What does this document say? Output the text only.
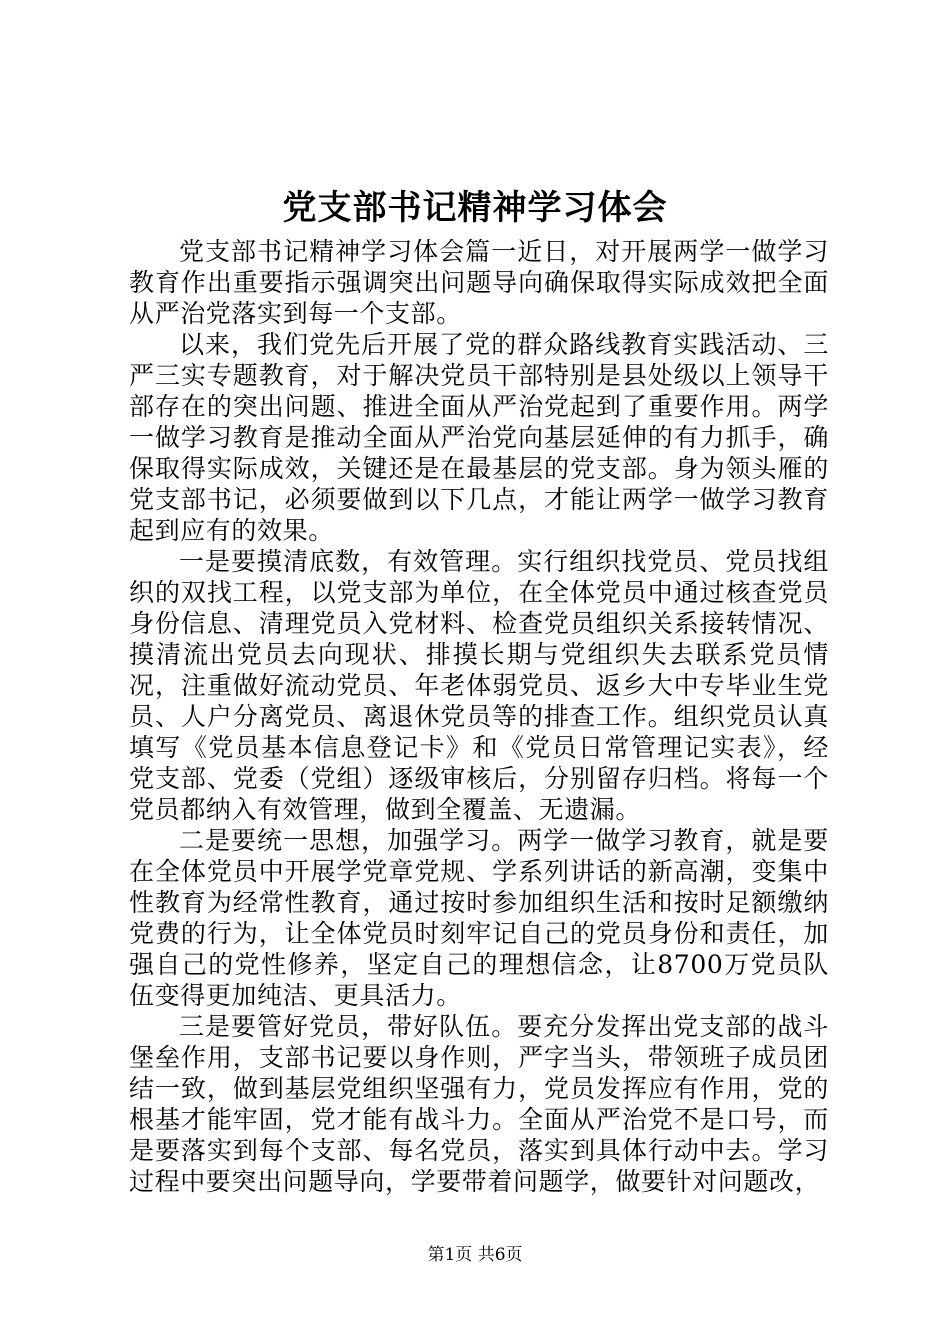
党支部书记精神学习体会

党支部书记精神学习体会篇一近日，对开展两学一做学习教育作出重要指示强调突出问题导向确保取得实际成效把全面从严治党落实到每一个支部。

以来，我们党先后开展了党的群众路线教育实践活动、三严三实专题教育，对于解决党员干部特别是县处级以上领导干部存在的突出问题、推进全面从严治党起到了重要作用。两学一做学习教育是推动全面从严治党向基层延伸的有力抓手，确保取得实际成效，关键还是在最基层的党支部。身为领头雁的党支部书记，必须要做到以下几点，才能让两学一做学习教育起到应有的效果。

一是要摸清底数，有效管理。实行组织找党员、党员找组织的双找工程，以党支部为单位，在全体党员中通过核查党员身份信息、清理党员入党材料、检查党员组织关系接转情况、摸清流出党员去向现状、排摸长期与党组织失去联系党员情况，注重做好流动党员、年老体弱党员、返乡大中专毕业生党员、人户分离党员、离退休党员等的排查工作。组织党员认真填写《党员基本信息登记卡》和《党员日常管理记实表》，经党支部、党委（党组）逐级审核后，分别留存归档。将每一个党员都纳入有效管理，做到全覆盖、无遗漏。

二是要统一思想，加强学习。两学一做学习教育，就是要在全体党员中开展学党章党规、学系列讲话的新高潮，变集中性教育为经常性教育，通过按时参加组织生活和按时足额缴纳党费的行为，让全体党员时刻牢记自己的党员身份和责任，加强自己的党性修养，坚定自己的理想信念，让8700万党员队伍变得更加纯洁、更具活力。

三是要管好党员，带好队伍。要充分发挥出党支部的战斗堡垒作用，支部书记要以身作则，严字当头，带领班子成员团结一致，做到基层党组织坚强有力，党员发挥应有作用，党的根基才能牢固，党才能有战斗力。全面从严治党不是口号，而是要落实到每个支部、每名党员，落实到具体行动中去。学习过程中要突出问题导向，学要带着问题学，做要针对问题改，

第1页 共6页
